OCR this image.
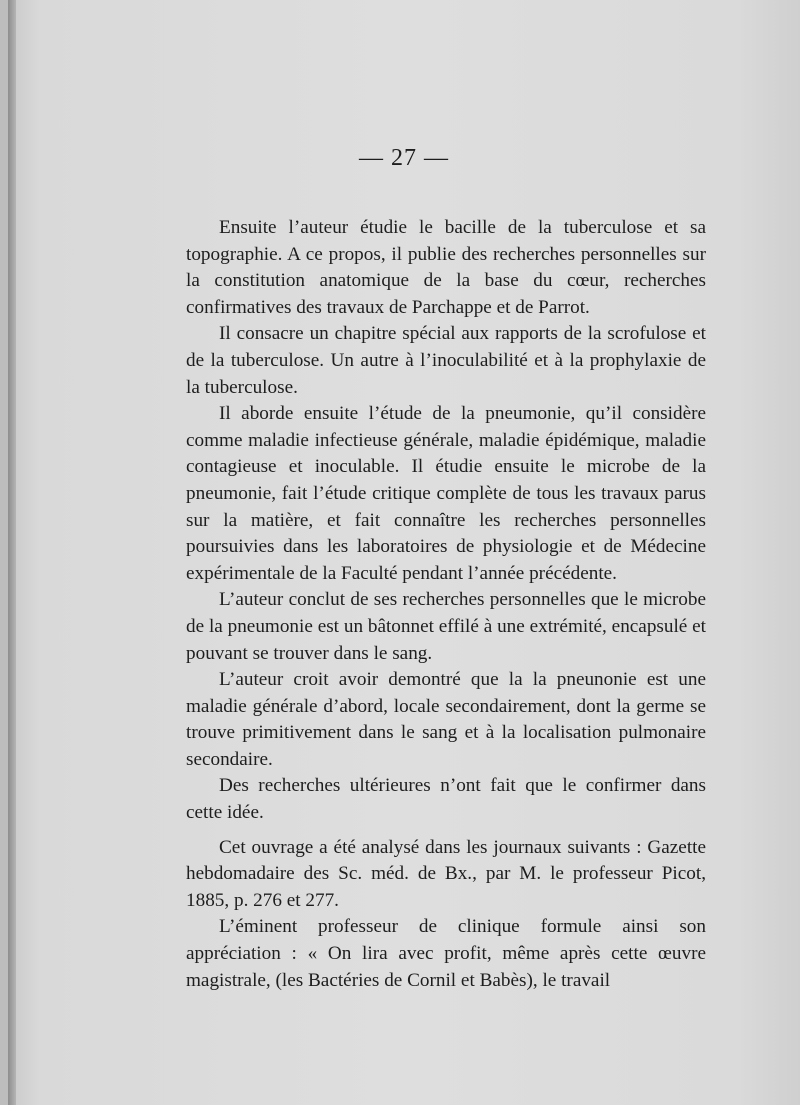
— 27 —

Ensuite l’auteur étudie le bacille de la tuberculose et sa topographie. A ce propos, il publie des recherches personnelles sur la constitution anatomique de la base du cœur, recherches confirmatives des travaux de Parchappe et de Parrot.

Il consacre un chapitre spécial aux rapports de la scrofulose et de la tuberculose. Un autre à l’inoculabilité et à la prophylaxie de la tuberculose.

Il aborde ensuite l’étude de la pneumonie, qu’il considère comme maladie infectieuse générale, maladie épidémique, maladie contagieuse et inoculable. Il étudie ensuite le microbe de la pneumonie, fait l’étude critique complète de tous les travaux parus sur la matière, et fait connaître les recherches personnelles poursuivies dans les laboratoires de physiologie et de Médecine expérimentale de la Faculté pendant l’année précédente.

L’auteur conclut de ses recherches personnelles que le microbe de la pneumonie est un bâtonnet effilé à une extrémité, encapsulé et pouvant se trouver dans le sang.

L’auteur croit avoir demontré que la la pneunonie est une maladie générale d’abord, locale secondairement, dont la germe se trouve primitivement dans le sang et à la localisation pulmonaire secondaire.

Des recherches ultérieures n’ont fait que le confirmer dans cette idée.

Cet ouvrage a été analysé dans les journaux suivants : Gazette hebdomadaire des Sc. méd. de Bx., par M. le professeur Picot, 1885, p. 276 et 277.

L’éminent professeur de clinique formule ainsi son appréciation : « On lira avec profit, même après cette œuvre magistrale, (les Bactéries de Cornil et Babès), le travail
